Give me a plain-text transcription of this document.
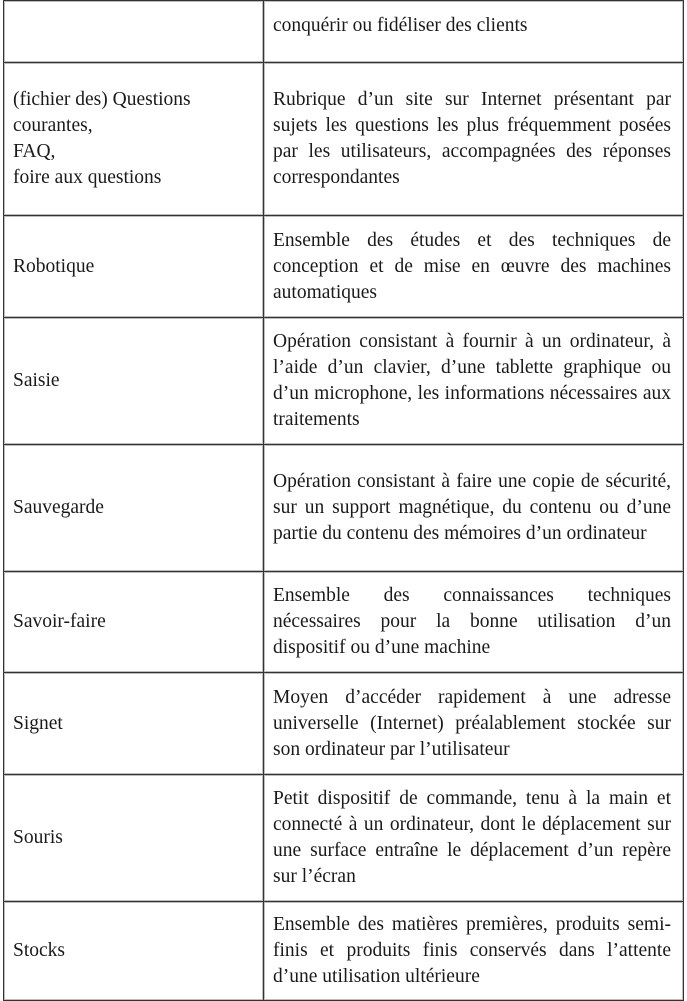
	conquérir ou fidéliser des clients

(fichier des) Questions courantes,
FAQ,
foire aux questions	Rubrique d’un site sur Internet présentant par sujets les questions les plus fréquemment posées par les utilisateurs, accompagnées des réponses correspondantes

Robotique	Ensemble des études et des techniques de conception et de mise en œuvre des machines automatiques

Saisie	Opération consistant à fournir à un ordinateur, à l’aide d’un clavier, d’une tablette graphique ou d’un microphone, les informations nécessaires aux traitements

Sauvegarde	Opération consistant à faire une copie de sécurité, sur un support magnétique, du contenu ou d’une partie du contenu des mémoires d’un ordinateur

Savoir-faire	Ensemble des connaissances techniques nécessaires pour la bonne utilisation d’un dispositif ou d’une machine

Signet	Moyen d’accéder rapidement à une adresse universelle (Internet) préalablement stockée sur son ordinateur par l’utilisateur

Souris	Petit dispositif de commande, tenu à la main et connecté à un ordinateur, dont le déplacement sur une surface entraîne le déplacement d’un repère sur l’écran

Stocks	Ensemble des matières premières, produits semi-finis et produits finis conservés dans l’attente d’une utilisation ultérieure
